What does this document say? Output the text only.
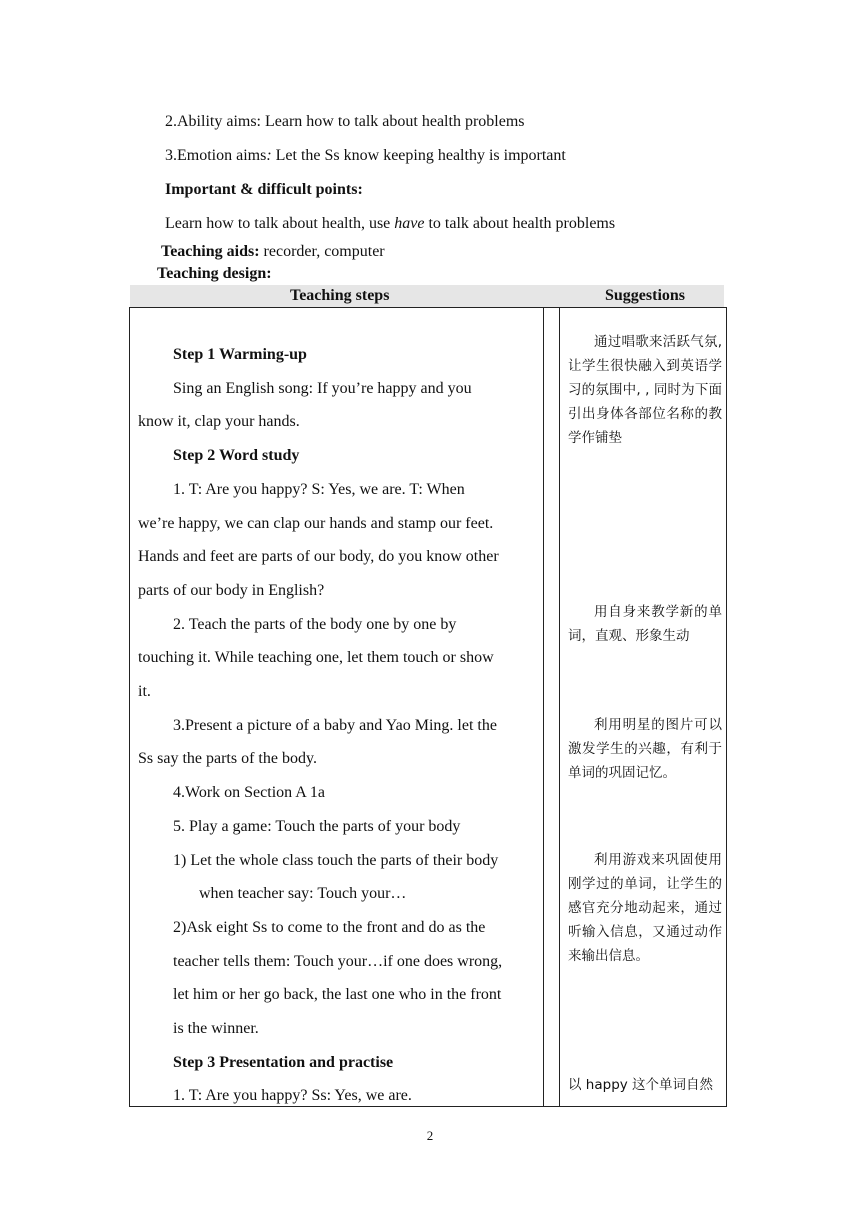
2.Ability aims: Learn how to talk about health problems
3.Emotion aims: Let the Ss know keeping healthy is important
Important & difficult points:
Learn how to talk about health, use have to talk about health problems
Teaching aids: recorder, computer
Teaching design:
Teaching steps	Suggestions

Step 1 Warming-up

Sing an English song: If you’re happy and you

know it, clap your hands.

Step 2 Word study

1. T: Are you happy? S: Yes, we are. T: When

we’re happy, we can clap our hands and stamp our feet.

Hands and feet are parts of our body, do you know other

parts of our body in English?

2. Teach the parts of the body one by one by

touching it. While teaching one, let them touch or show

it.

3.Present a picture of a baby and Yao Ming. let the

Ss say the parts of the body.

4.Work on Section A 1a

5. Play a game: Touch the parts of your body

1) Let the whole class touch the parts of their body

when teacher say: Touch your…

2)Ask eight Ss to come to the front and do as the

teacher tells them: Touch your…if one does wrong,

let him or her go back, the last one who in the front

is the winner.

Step 3 Presentation and practise

1. T: Are you happy? Ss: Yes, we are.

通过唱歌来活跃气氛, 让学生很快融入到英语学习的氛围中, , 同时为下面引出身体各部位名称的教学作铺垫
用自身来教学新的单词，直观、形象生动
利用明星的图片可以激发学生的兴趣，有利于单词的巩固记忆。
利用游戏来巩固使用刚学过的单词，让学生的感官充分地动起来，通过听输入信息，又通过动作来输出信息。
以 happy 这个单词自然
2
